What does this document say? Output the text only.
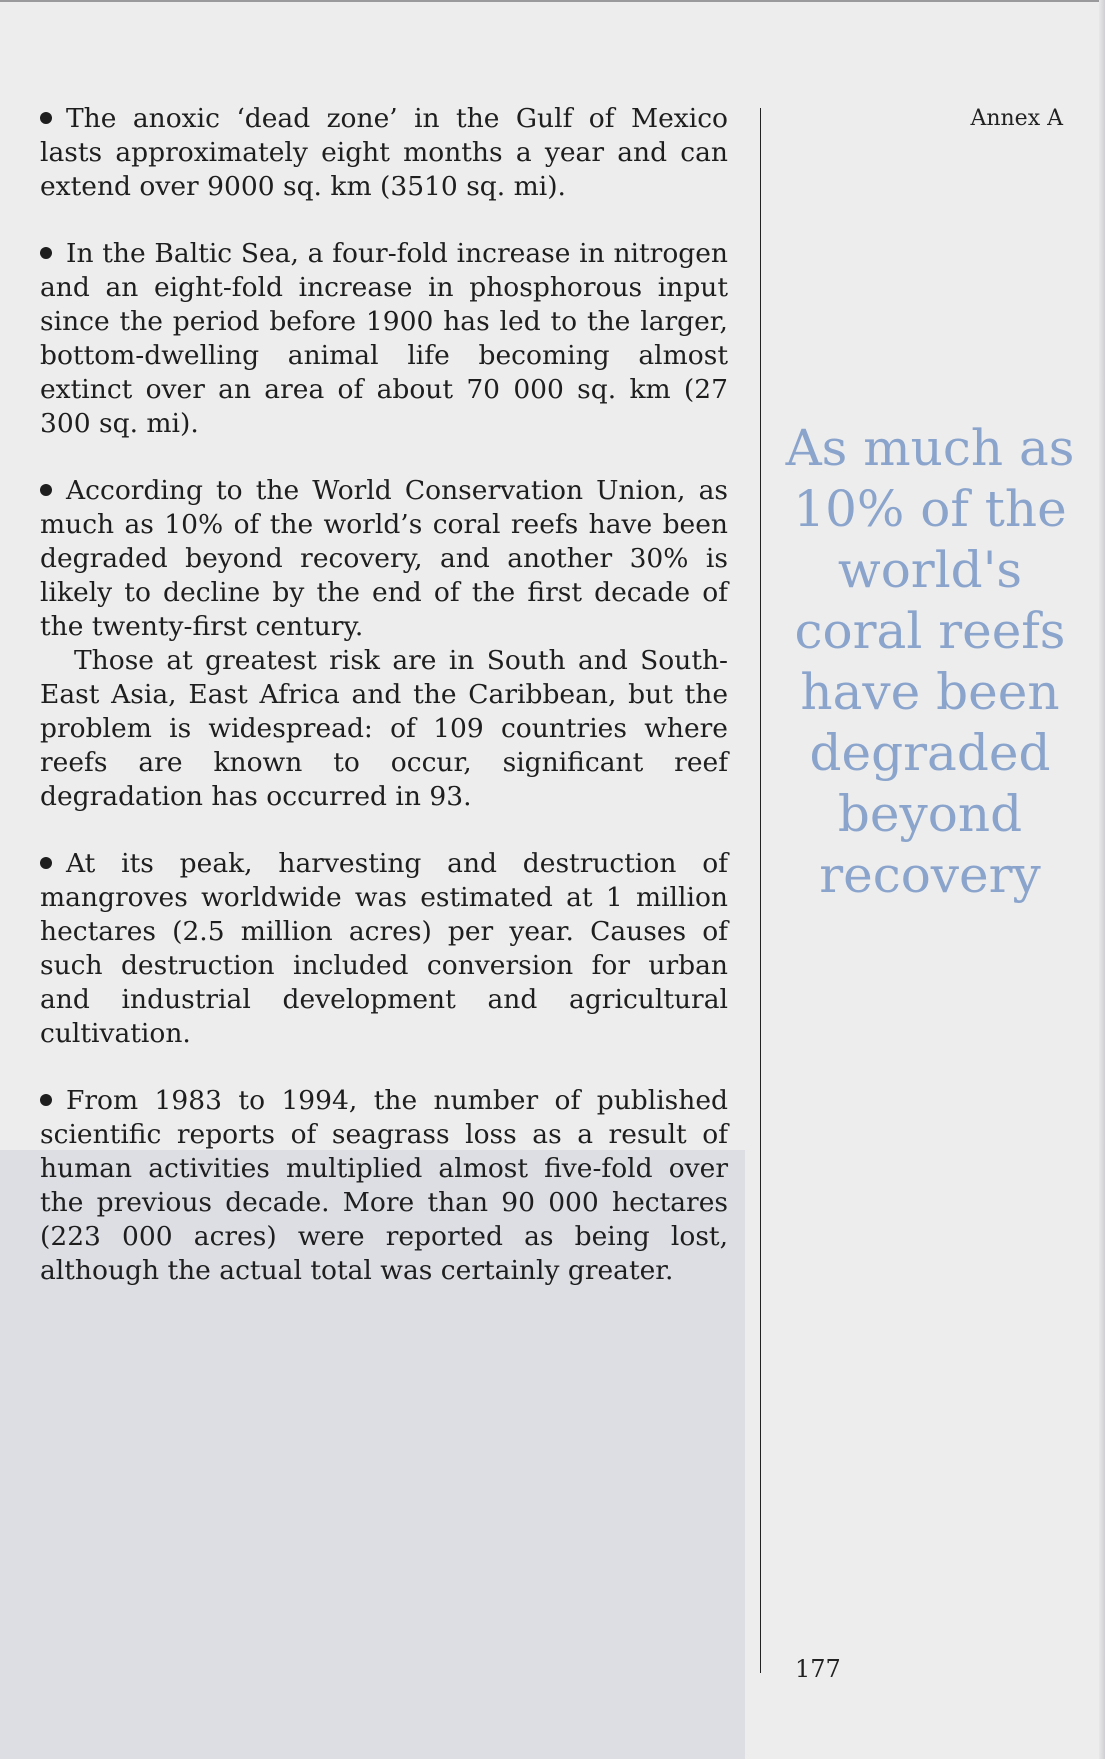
The anoxic ‘dead zone’ in the Gulf of Mexico lasts approximately eight months a year and can extend over 9000 sq. km (3510 sq. mi).

In the Baltic Sea, a four-fold increase in nitrogen and an eight-fold increase in phosphorous input since the period before 1900 has led to the larger, bottom-dwelling animal life becoming almost extinct over an area of about 70 000 sq. km (27 300 sq. mi).

According to the World Conservation Union, as much as 10% of the world’s coral reefs have been degraded beyond recovery, and another 30% is likely to decline by the end of the first decade of the twenty-first century.

Those at greatest risk are in South and South-East Asia, East Africa and the Caribbean, but the problem is widespread: of 109 countries where reefs are known to occur, significant reef degradation has occurred in 93.

At its peak, harvesting and destruction of mangroves worldwide was estimated at 1 million hectares (2.5 million acres) per year. Causes of such destruction included conversion for urban and industrial development and agricultural cultivation.

From 1983 to 1994, the number of published scientific reports of seagrass loss as a result of human activities multiplied almost five-fold over the previous decade. More than 90 000 hectares (223 000 acres) were reported as being lost, although the actual total was certainly greater.

Annex A
As much as 10% of the world's coral reefs have been degraded beyond recovery
177
